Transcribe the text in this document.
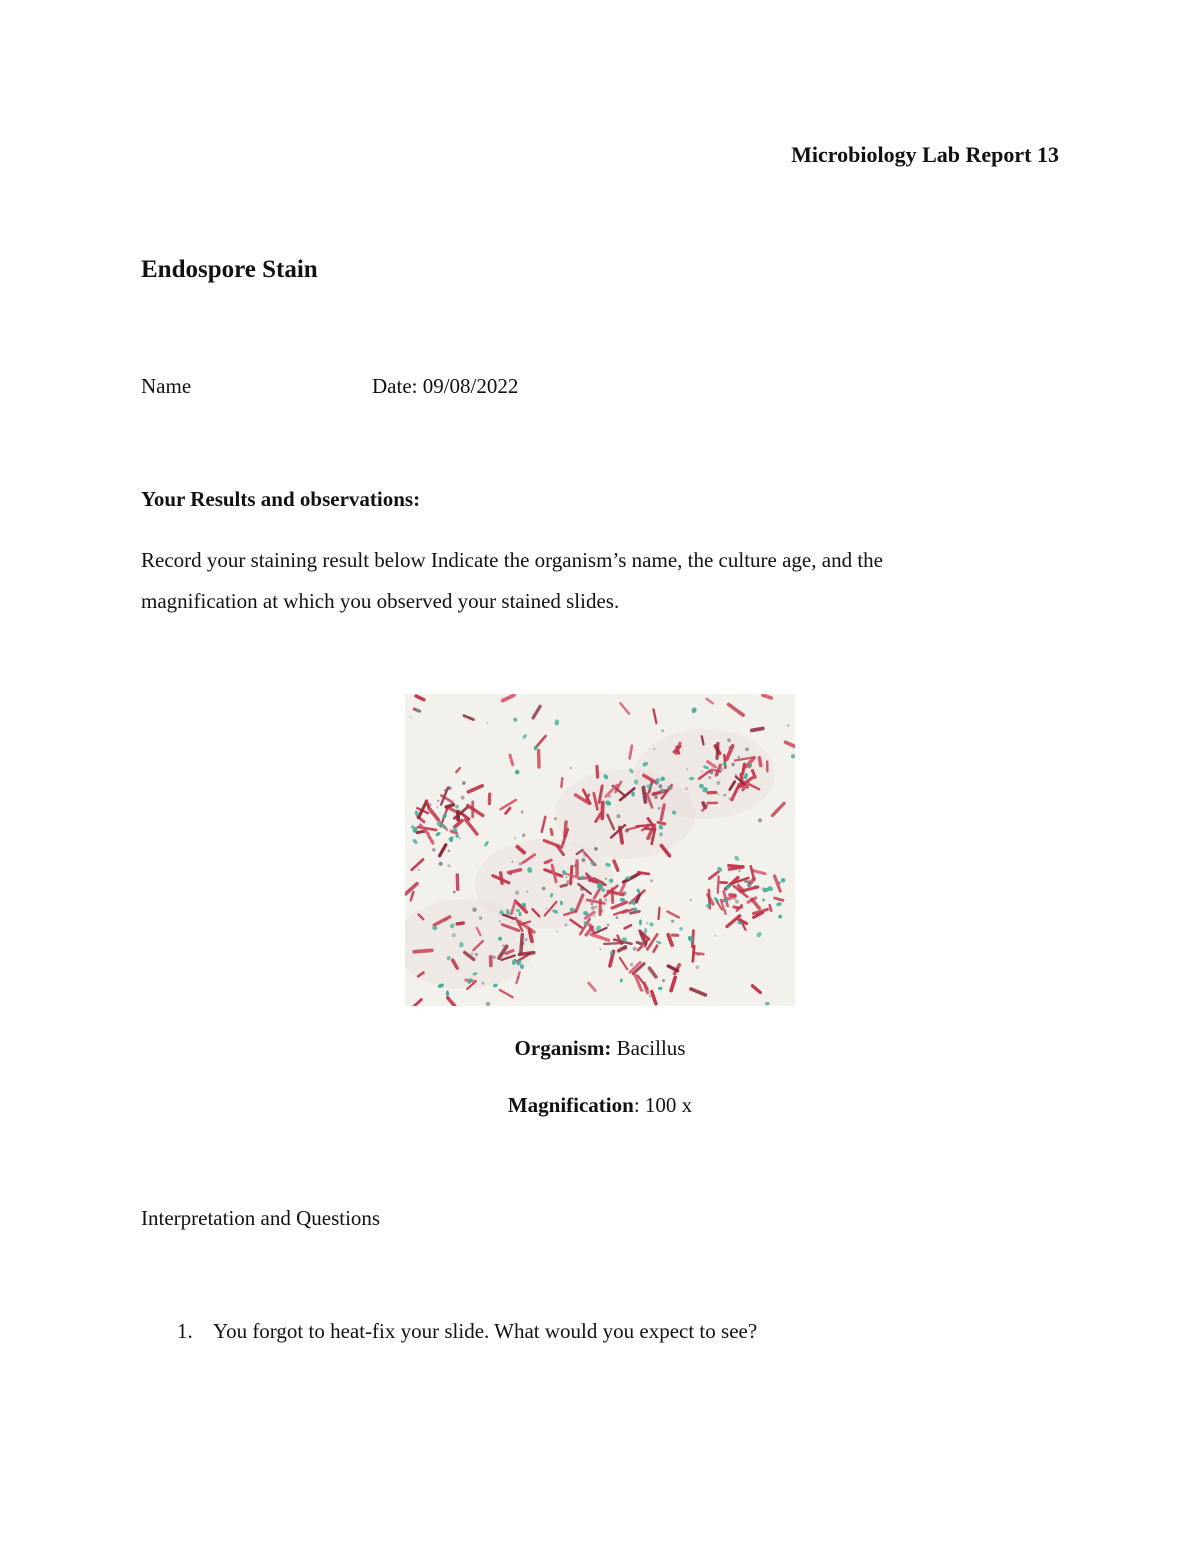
Microbiology Lab Report 13
Endospore Stain
Name	Date: 09/08/2022
Your Results and observations:
Record your staining result below Indicate the organism’s name, the culture age, and the magnification at which you observed your stained slides.
Organism: Bacillus
Magnification: 100 x
Interpretation and Questions
1. You forgot to heat-fix your slide. What would you expect to see?
